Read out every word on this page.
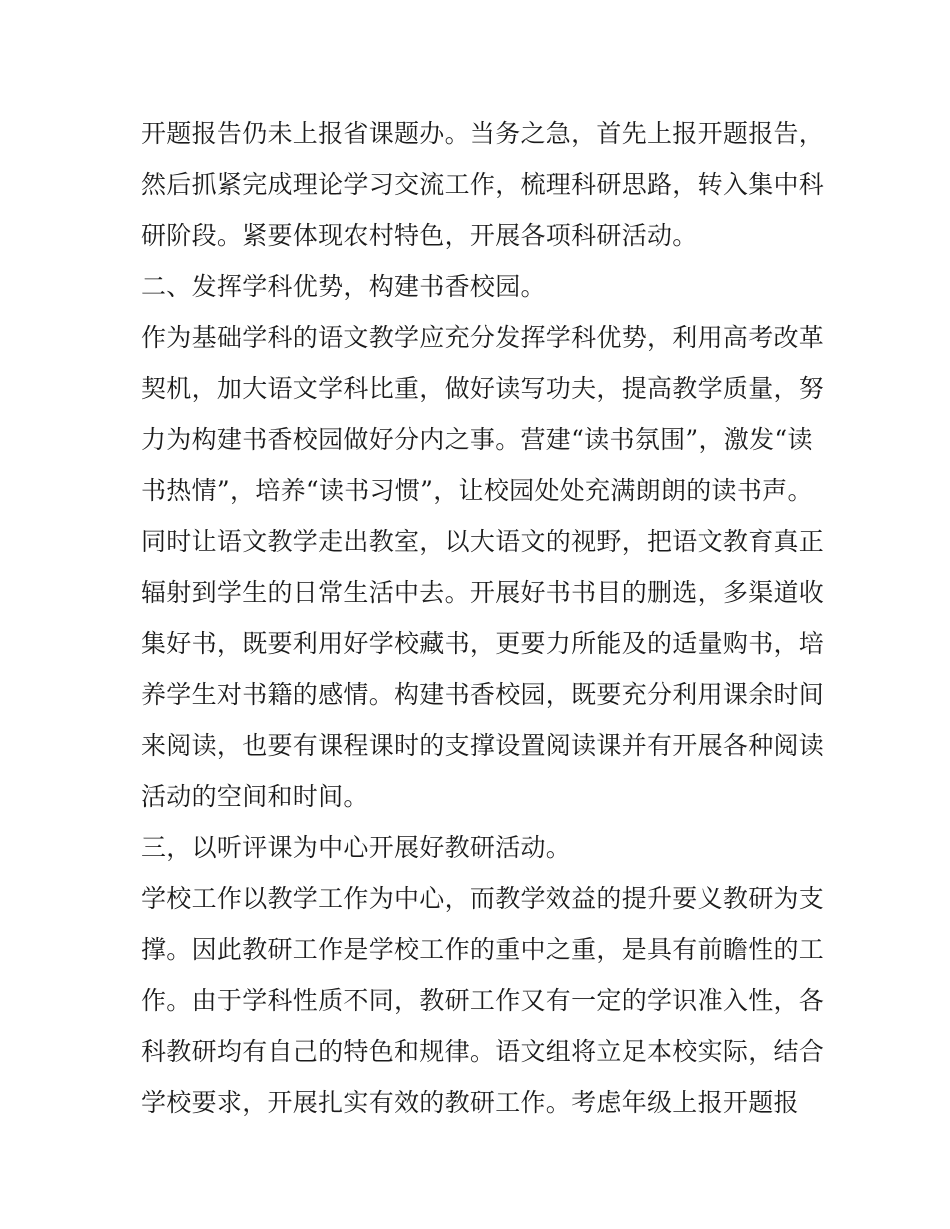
开题报告仍未上报省课题办。当务之急，首先上报开题报告，
然后抓紧完成理论学习交流工作，梳理科研思路，转入集中科
研阶段。紧要体现农村特色，开展各项科研活动。
二、发挥学科优势，构建书香校园。
作为基础学科的语文教学应充分发挥学科优势，利用高考改革
契机，加大语文学科比重，做好读写功夫，提高教学质量，努
力为构建书香校园做好分内之事。营建“读书氛围”，激发“读
书热情”，培养“读书习惯”，让校园处处充满朗朗的读书声。
同时让语文教学走出教室，以大语文的视野，把语文教育真正
辐射到学生的日常生活中去。开展好书书目的删选，多渠道收
集好书，既要利用好学校藏书，更要力所能及的适量购书，培
养学生对书籍的感情。构建书香校园，既要充分利用课余时间
来阅读，也要有课程课时的支撑设置阅读课并有开展各种阅读
活动的空间和时间。
三，以听评课为中心开展好教研活动。
学校工作以教学工作为中心，而教学效益的提升要义教研为支
撑。因此教研工作是学校工作的重中之重，是具有前瞻性的工
作。由于学科性质不同，教研工作又有一定的学识准入性，各
科教研均有自己的特色和规律。语文组将立足本校实际，结合
学校要求，开展扎实有效的教研工作。考虑年级上报开题报
